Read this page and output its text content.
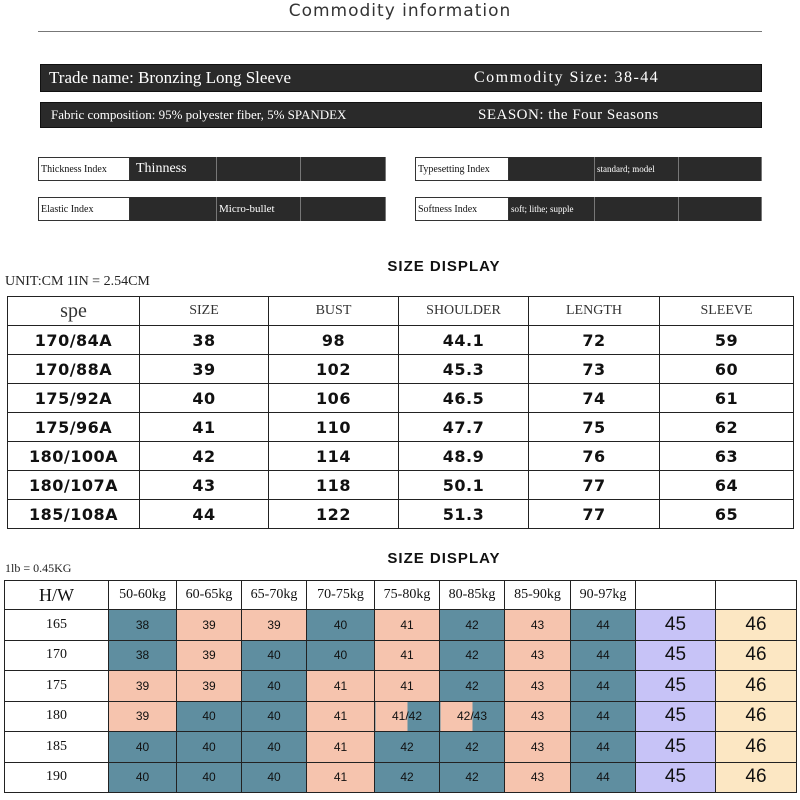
Commodity information
Trade name: Bronzing Long Sleeve	Commodity Size: 38-44
Fabric composition: 95% polyester fiber, 5% SPANDEX	SEASON: the Four Seasons
Thickness Index	Thinness
Elastic Index	Micro-bullet
Typesetting Index	standard; model
Softness Index	soft; lithe; supple
SIZE DISPLAY
UNIT:CM 1IN = 2.54CM
spe	SIZE	BUST	SHOULDER	LENGTH	SLEEVE
170/84A	38	98	44.1	72	59
170/88A	39	102	45.3	73	60
175/92A	40	106	46.5	74	61
175/96A	41	110	47.7	75	62
180/100A	42	114	48.9	76	63
180/107A	43	118	50.1	77	64
185/108A	44	122	51.3	77	65
SIZE DISPLAY
1lb = 0.45KG
H/W	50-60kg	60-65kg	65-70kg	70-75kg	75-80kg	80-85kg	85-90kg	90-97kg		
165	38	39	39	40	41	42	43	44	45	46
170	38	39	40	40	41	42	43	44	45	46
175	39	39	40	41	41	42	43	44	45	46
180	39	40	40	41	41/42	42/43	43	44	45	46
185	40	40	40	41	42	42	43	44	45	46
190	40	40	40	41	42	42	43	44	45	46
